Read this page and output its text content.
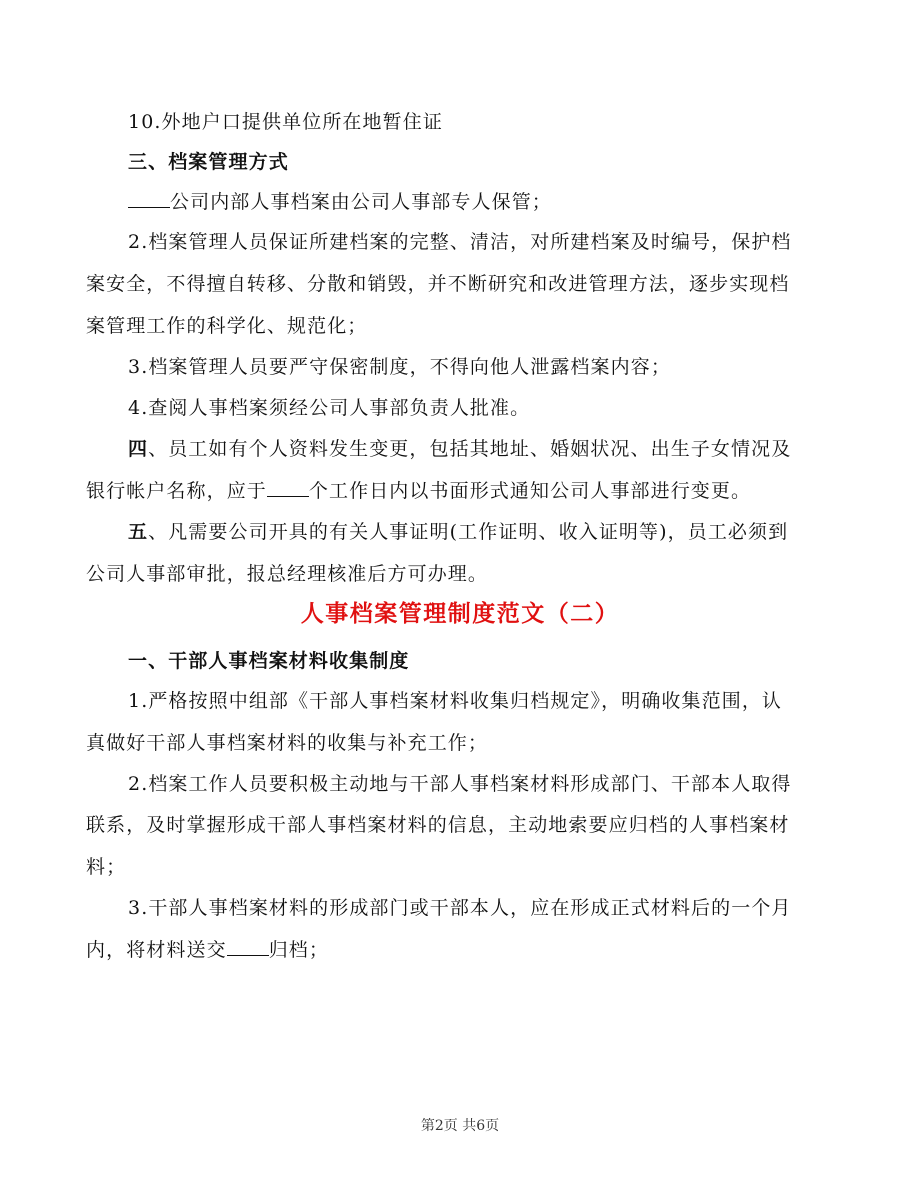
10.外地户口提供单位所在地暂住证
三、档案管理方式
公司内部人事档案由公司人事部专人保管；
2.档案管理人员保证所建档案的完整、清洁，对所建档案及时编号，保护档
案安全，不得擅自转移、分散和销毁，并不断研究和改进管理方法，逐步实现档
案管理工作的科学化、规范化；
3.档案管理人员要严守保密制度，不得向他人泄露档案内容；
4.查阅人事档案须经公司人事部负责人批准。
四、员工如有个人资料发生变更，包括其地址、婚姻状况、出生子女情况及
银行帐户名称，应于 个工作日内以书面形式通知公司人事部进行变更。
五、凡需要公司开具的有关人事证明(工作证明、收入证明等)，员工必须到
公司人事部审批，报总经理核准后方可办理。
人事档案管理制度范文（二）
一、干部人事档案材料收集制度
1.严格按照中组部《干部人事档案材料收集归档规定》，明确收集范围，认
真做好干部人事档案材料的收集与补充工作；
2.档案工作人员要积极主动地与干部人事档案材料形成部门、干部本人取得
联系，及时掌握形成干部人事档案材料的信息，主动地索要应归档的人事档案材
料；
3.干部人事档案材料的形成部门或干部本人，应在形成正式材料后的一个月
内，将材料送交 归档；
第2页 共6页
